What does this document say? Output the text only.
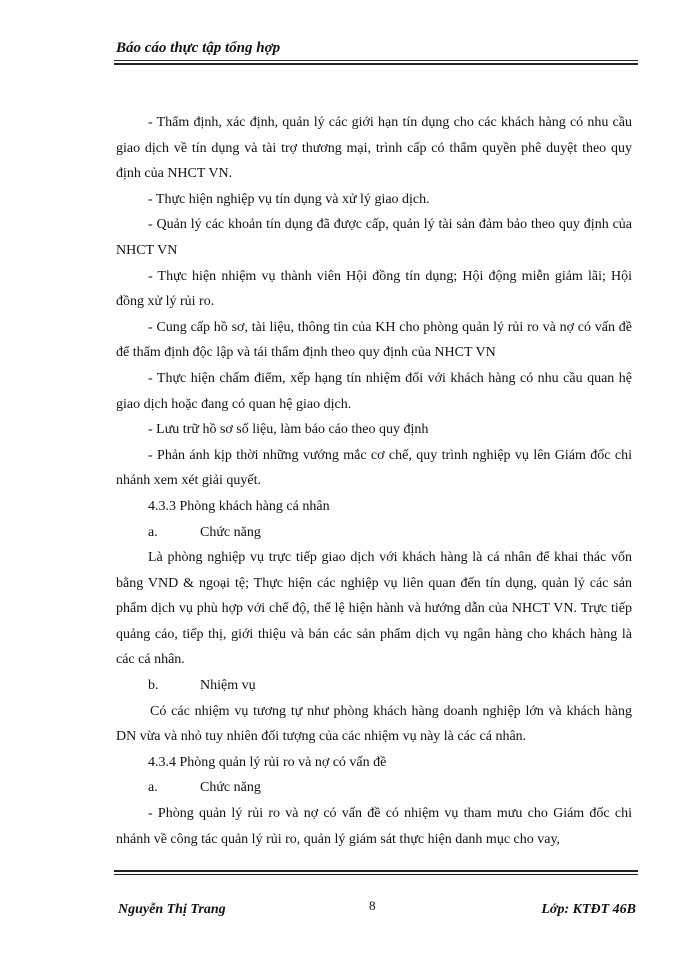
Báo cáo thực tập tổng hợp

- Thẩm định, xác định, quản lý các giới hạn tín dụng cho các khách hàng có nhu cầu giao dịch về tín dụng và tài trợ thương mại, trình cấp có thẩm quyền phê duyệt theo quy định của NHCT VN.

- Thực hiện nghiệp vụ tín dụng và xử lý giao dịch.

- Quản lý các khoản tín dụng đã được cấp, quản lý tài sản đảm bảo theo quy định của NHCT VN

- Thực hiện nhiệm vụ thành viên Hội đồng tín dụng; Hội động miễn giảm lãi; Hội đồng xử lý rủi ro.

- Cung cấp hồ sơ, tài liệu, thông tin của KH cho phòng quản lý rủi ro và nợ có vấn đề để thẩm định độc lập và tái thẩm định theo quy định của NHCT VN

- Thực hiện chấm điểm, xếp hạng tín nhiệm đối với khách hàng có nhu cầu quan hệ giao dịch hoặc đang có quan hệ giao dịch.

- Lưu trữ hồ sơ số liệu, làm báo cáo theo quy định

- Phản ánh kịp thời những vướng mắc cơ chế, quy trình nghiệp vụ lên Giám đốc chi nhánh xem xét giải quyết.

4.3.3 Phòng khách hàng cá nhân

a.	Chức năng

Là phòng nghiệp vụ trực tiếp giao dịch với khách hàng là cá nhân để khai thác vốn bằng VND & ngoại tệ; Thực hiện các nghiệp vụ liên quan đến tín dụng, quản lý các sản phẩm dịch vụ phù hợp với chế độ, thể lệ hiện hành và hướng dẫn của NHCT VN. Trực tiếp quảng cáo, tiếp thị, giới thiệu và bán các sản phẩm dịch vụ ngân hàng cho khách hàng là các cá nhân.

b.	Nhiệm vụ

Có các nhiệm vụ tương tự như phòng khách hàng doanh nghiệp lớn và khách hàng DN vừa và nhỏ tuy nhiên đối tượng của các nhiệm vụ này là các cá nhân.

4.3.4 Phòng quản lý rủi ro và nợ có vấn đề

a.	Chức năng

- Phòng quản lý rủi ro và nợ có vấn đề có nhiệm vụ tham mưu cho Giám đốc chi nhánh về công tác quản lý rủi ro, quản lý giám sát thực hiện danh mục cho vay,

Nguyễn Thị Trang	8	Lớp: KTĐT 46B
